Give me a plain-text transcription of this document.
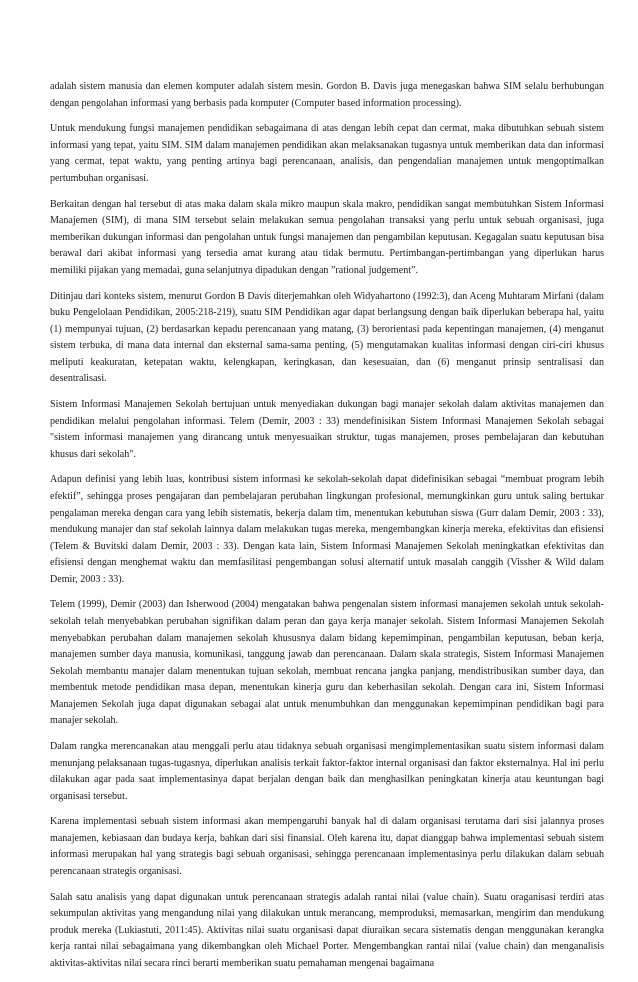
adalah sistem manusia dan elemen komputer adalah sistem mesin. Gordon B. Davis juga menegaskan bahwa SIM selalu berhubungan dengan pengolahan informasi yang berbasis pada komputer (Computer based information processing).

Untuk mendukung fungsi manajemen pendidikan sebagaimana di atas dengan lebih cepat dan cermat, maka dibutuhkan sebuah sistem informasi yang tepat, yaitu SIM. SIM dalam manajemen pendidikan akan melaksanakan tugasnya untuk memberikan data dan informasi yang cermat, tepat waktu, yang penting artinya bagi perencanaan, analisis, dan pengendalian manajemen untuk mengoptimalkan pertumbuhan organisasi.

Berkaitan dengan hal tersebut di atas maka dalam skala mikro maupun skala makro, pendidikan sangat membutuhkan Sistem Informasi Manajemen (SIM), di mana SIM tersebut selain melakukan semua pengolahan transaksi yang perlu untuk sebuah organisasi, juga memberikan dukungan informasi dan pengolahan untuk fungsi manajemen dan pengambilan keputusan. Kegagalan suatu keputusan bisa berawal dari akibat informasi yang tersedia amat kurang atau tidak bermutu. Pertimbangan-pertimbangan yang diperlukan harus memiliki pijakan yang memadai, guna selanjutnya dipadukan dengan ”rational judgement”.

Ditinjau dari konteks sistem, menurut Gordon B Davis diterjemahkan oleh Widyahartono (1992:3), dan Aceng Muhtaram Mirfani (dalam buku Pengelolaan Pendidikan, 2005:218-219), suatu SIM Pendidikan agar dapat berlangsung dengan baik diperlukan beberapa hal, yaitu (1) mempunyai tujuan, (2) berdasarkan kepadu perencanaan yang matang, (3) berorientasi pada kepentingan manajemen, (4) menganut sistem terbuka, di mana data internal dan eksternal sama-sama penting, (5) mengutamakan kualitas informasi dengan ciri-ciri khusus meliputi keakuratan, ketepatan waktu, kelengkapan, keringkasan, dan kesesuaian, dan (6) menganut prinsip sentralisasi dan desentralisasi.

Sistem Informasi Manajemen Sekolah bertujuan untuk menyediakan dukungan bagi manajer sekolah dalam aktivitas manajemen dan pendidikan melalui pengolahan informasi. Telem (Demir, 2003 : 33) mendefinisikan Sistem Informasi Manajemen Sekolah sebagai "sistem informasi manajemen yang dirancang untuk menyesuaikan struktur, tugas manajemen, proses pembelajaran dan kebutuhan khusus dari sekolah".

Adapun definisi yang lebih luas, kontribusi sistem informasi ke sekolah-sekolah dapat didefinisikan sebagai “membuat program lebih efektif”, sehingga proses pengajaran dan pembelajaran perubahan lingkungan profesional, memungkinkan guru untuk saling bertukar pengalaman mereka dengan cara yang lebih sistematis, bekerja dalam tim, menentukan kebutuhan siswa (Gurr dalam Demir, 2003 : 33), mendukung manajer dan staf sekolah lainnya dalam melakukan tugas mereka, mengembangkan kinerja mereka, efektivitas dan efisiensi (Telem & Buvitski dalam Demir, 2003 : 33). Dengan kata lain, Sistem Informasi Manajemen Sekolah meningkatkan efektivitas dan efisiensi dengan menghemat waktu dan memfasilitasi pengembangan solusi alternatif untuk masalah canggih (Vissher & Wild dalam Demir, 2003 : 33).

Telem (1999), Demir (2003) dan Isherwood (2004) mengatakan bahwa pengenalan sistem informasi manajemen sekolah untuk sekolah-sekolah telah menyebabkan perubahan signifikan dalam peran dan gaya kerja manajer sekolah. Sistem Informasi Manajemen Sekolah menyebabkan perubahan dalam manajemen sekolah khususnya dalam bidang kepemimpinan, pengambilan keputusan, beban kerja, manajemen sumber daya manusia, komunikasi, tanggung jawab dan perencanaan. Dalam skala strategis, Sistem Informasi Manajemen Sekolah membantu manajer dalam menentukan tujuan sekolah, membuat rencana jangka panjang, mendistribusikan sumber daya, dan membentuk metode pendidikan masa depan, menentukan kinerja guru dan keberhasilan sekolah. Dengan cara ini, Sistem Informasi Manajemen Sekolah juga dapat digunakan sebagai alat untuk menumbuhkan dan menggunakan kepemimpinan pendidikan bagi para manajer sekolah.

Dalam rangka merencanakan atau menggali perlu atau tidaknya sebuah organisasi mengimplementasikan suatu sistem informasi dalam menunjang pelaksanaan tugas-tugasnya, diperlukan analisis terkait faktor-faktor internal organisasi dan faktor eksternalnya. Hal ini perlu dilakukan agar pada saat implementasinya dapat berjalan dengan baik dan menghasilkan peningkatan kinerja atau keuntungan bagi organisasi tersebut.

Karena implementasi sebuah sistem informasi akan mempengaruhi banyak hal di dalam organisasi terutama dari sisi jalannya proses manajemen, kebiasaan dan budaya kerja, bahkan dari sisi finansial. Oleh karena itu, dapat dianggap bahwa implementasi sebuah sistem informasi merupakan hal yang strategis bagi sebuah organisasi, sehingga perencanaan implementasinya perlu dilakukan dalam sebuah perencanaan strategis organisasi.

Salah satu analisis yang dapat digunakan untuk perencanaan strategis adalah rantai nilai (value chain). Suatu oraganisasi terdiri atas sekumpulan aktivitas yang mengandung nilai yang dilakukan untuk merancang, memproduksi, memasarkan, mengirim dan mendukung produk mereka (Lukiastuti, 2011:45). Aktivitas nilai suatu organisasi dapat diuraikan secara sistematis dengan menggunakan kerangka kerja rantai nilai sebagaimana yang dikembangkan oleh Michael Porter. Mengembangkan rantai nilai (value chain) dan menganalisis aktivitas-aktivitas nilai secara rinci berarti memberikan suatu pemahaman mengenai bagaimana
